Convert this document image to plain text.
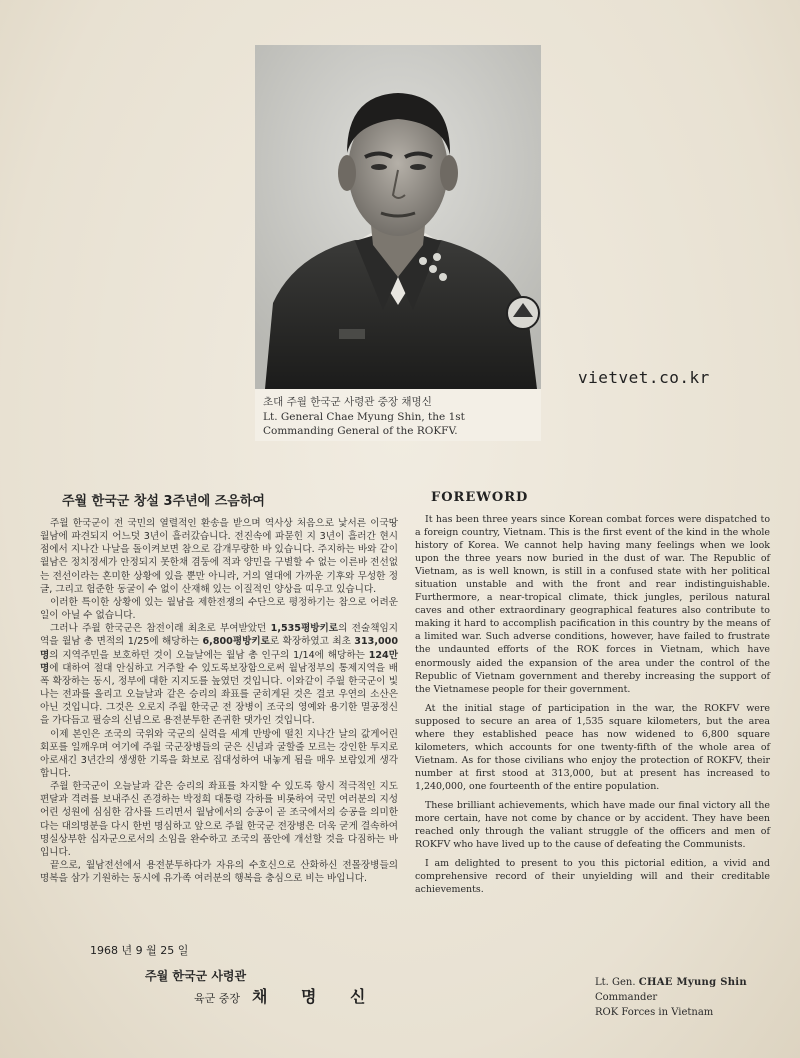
초대 주월 한국군 사령관 중장 채명신
Lt. General Chae Myung Shin, the 1st
Commanding General of the ROKFV.
vietvet.co.kr
주월 한국군 창설 3주년에 즈음하여

주월 한국군이 전 국민의 열렬적인 환송을 받으며 역사상 처음으로 낯서른 이국땅 월남에 파견되지 어느덧 3년이 흘러갔습니다. 전진속에 파묻힌 지 3년이 흘러간 현시점에서 지나간 나날을 돌이켜보면 참으로 감개무량한 바 있습니다. 주지하는 바와 같이 월남은 정치정세가 안정되지 못한채 겸둥에 적과 양민을 구별할 수 없는 이른바 전선없는 전선이라는 혼미한 상황에 있을 뿐만 아니라, 거의 열대에 가까운 기후와 무성한 정글, 그리고 험준한 동굴이 수 없이 산재해 있는 이질적인 양상을 띠우고 있습니다.

이러한 특이한 상황에 있는 월남을 제한전쟁의 수단으로 평정하기는 참으로 어려운 일이 아닐 수 없습니다.

그러나 주월 한국군은 참전이래 최초로 부여받았던 1,535평방키로의 전술책임지역을 월남 총 면적의 1/25에 해당하는 6,800평방키로로 확장하였고 최초 313,000명의 지역주민을 보호하던 것이 오늘날에는 월남 총 인구의 1/14에 해당하는 124만명에 대하여 절대 안심하고 거주할 수 있도록보장함으로써 월남정부의 통제지역을 배폭 확장하는 동시, 정부에 대한 지지도를 높였던 것입니다. 이와같이 주월 한국군이 빛나는 전과를 올리고 오늘날과 같은 승리의 좌표를 굳히게된 것은 결코 우연의 소산은 아닌 것입니다. 그것은 오로지 주월 한국군 전 장병이 조국의 영예와 용기한 멸공정신을 가다듬고 필승의 신념으로 용전분투한 존귀한 댓가인 것입니다.

이제 본인은 조국의 국위와 국군의 실력을 세계 만방에 떨친 지나간 날의 값게어린 회포를 일깨우며 여기에 주월 국군장병들의 굳은 신념과 굴할줄 모르는 강인한 투지로 아로새긴 3년간의 생생한 기록을 화보로 집대성하여 내놓게 됨을 매우 보람있게 생각합니다.

주월 한국군이 오늘날과 같은 승리의 좌표를 차지할 수 있도록 항시 적극적인 지도편달과 격려를 보내주신 존경하는 박정희 대통령 각하를 비롯하여 국민 여러분의 지성어린 성원에 심심한 감사를 드리면서 월남에서의 승공이 곧 조국에서의 승공을 의미한다는 대의명분을 다시 한번 명심하고 앞으로 주월 한국군 전장병은 더욱 굳게 결속하여 명실상부한 십자군으로서의 소임을 완수하고 조국의 품안에 개선할 것을 다짐하는 바입니다.

끝으로, 월남전선에서 용전분투하다가 자유의 수호신으로 산화하신 전몰장병들의 명복을 삼가 기원하는 동시에 유가족 여러분의 행복을 충심으로 비는 바입니다.

1968 년 9 월 25 일
주월 한국군 사령관
육군 중장 채 명 신
FOREWORD

It has been three years since Korean combat forces were dispatched to a foreign country, Vietnam. This is the first event of the kind in the whole history of Korea. We cannot help having many feelings when we look upon the three years now buried in the dust of war. The Republic of Vietnam, as is well known, is still in a confused state with her political situation unstable and with the front and rear indistinguishable. Furthermore, a near-tropical climate, thick jungles, perilous natural caves and other extraordinary geographical features also contribute to making it hard to accomplish pacification in this country by the means of a limited war. Such adverse conditions, however, have failed to frustrate the undaunted efforts of the ROK forces in Vietnam, which have enormously aided the expansion of the area under the control of the Republic of Vietnam government and thereby increasing the support of the Vietnamese people for their government.

At the initial stage of participation in the war, the ROKFV were supposed to secure an area of 1,535 square kilometers, but the area where they established peace has now widened to 6,800 square kilometers, which accounts for one twenty-fifth of the whole area of Vietnam. As for those civilians who enjoy the protection of ROKFV, their number at first stood at 313,000, but at present has increased to 1,240,000, one fourteenth of the entire population.

These brilliant achievements, which have made our final victory all the more certain, have not come by chance or by accident. They have been reached only through the valiant struggle of the officers and men of ROKFV who have lived up to the cause of defeating the Communists.

I am delighted to present to you this pictorial edition, a vivid and comprehensive record of their unyielding will and their creditable achievements.

Lt. Gen. CHAE Myung Shin
Commander
ROK Forces in Vietnam
